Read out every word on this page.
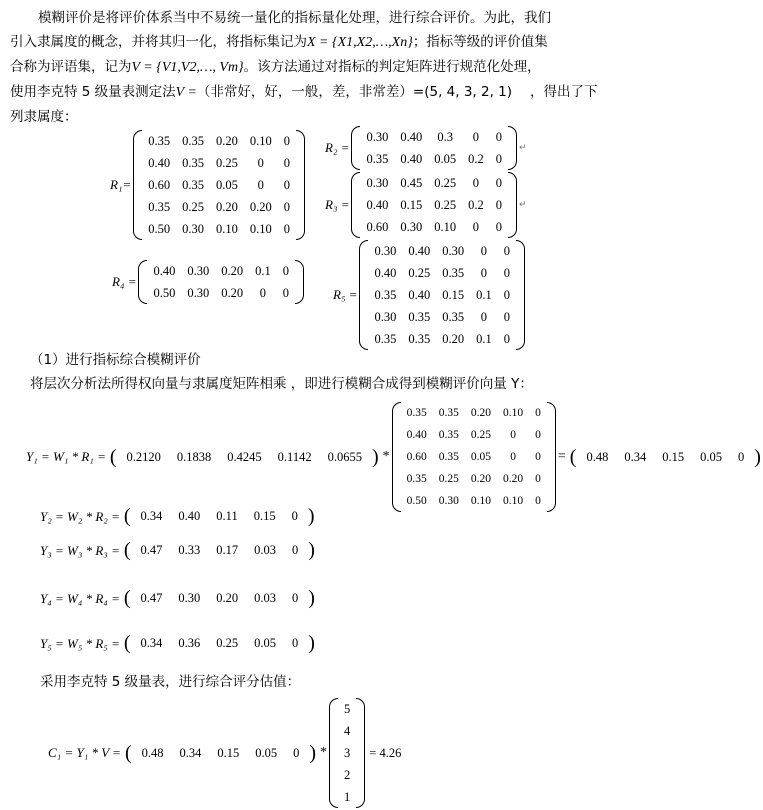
模糊评价是将评价体系当中不易统一量化的指标量化处理，进行综合评价。为此，我们
引入隶属度的概念，并将其归一化，将指标集记为X = {X1,X2,…,Xn}；指标等级的评价值集
合称为评语集，记为V = {V1,V2,…, Vm}。该方法通过对指标的判定矩阵进行规范化处理，
使用李克特 5 级量表测定法V =（非常好，好，一般，差，非常差）=(5, 4, 3, 2, 1) ，得出了下
列隶属度：
R₁=
0.35	0.35	0.20	0.10	0
0.40	0.35	0.25	0	0
0.60	0.35	0.05	0	0
0.35	0.25	0.20	0.20	0
0.50	0.30	0.10	0.10	0
R₂ =
0.30	0.40	0.3	0	0
0.35	0.40	0.05	0.2	0
↵
R₃ =
0.30	0.45	0.25	0	0
0.40	0.15	0.25	0.2	0
0.60	0.30	0.10	0	0
↵
R₄ =
0.40	0.30	0.20	0.1	0
0.50	0.30	0.20	0	0	R₅ =
0.30	0.40	0.30	0	0
0.40	0.25	0.35	0	0
0.35	0.40	0.15	0.1	0
0.30	0.35	0.35	0	0
0.35	0.35	0.20	0.1	0
（1）进行指标综合模糊评价
将层次分析法所得权向量与隶属度矩阵相乘 ，即进行模糊合成得到模糊评价向量 Y：
Y₁ = W₁ * R₁ = ( 0.2120 0.1838 0.4245 0.1142 0.0655 ) *
0.35	0.35	0.20	0.10	0
0.40	0.35	0.25	0	0
0.60	0.35	0.05	0	0
0.35	0.25	0.20	0.20	0
0.50	0.30	0.10	0.10	0
= ( 0.48 0.34 0.15 0.05 0 )
Y₂ = W₂ * R₂ = ( 0.34 0.40 0.11 0.15 0 )
Y₃ = W₃ * R₃ = ( 0.47 0.33 0.17 0.03 0 )
Y₄ = W₄ * R₄ = ( 0.47 0.30 0.20 0.03 0 )
Y₅ = W₅ * R₅ = ( 0.34 0.36 0.25 0.05 0 )
采用李克特 5 级量表，进行综合评分估值：
C₁ = Y₁ * V = ( 0.48 0.34 0.15 0.05 0 ) *
5
4
3
2
1
= 4.26
